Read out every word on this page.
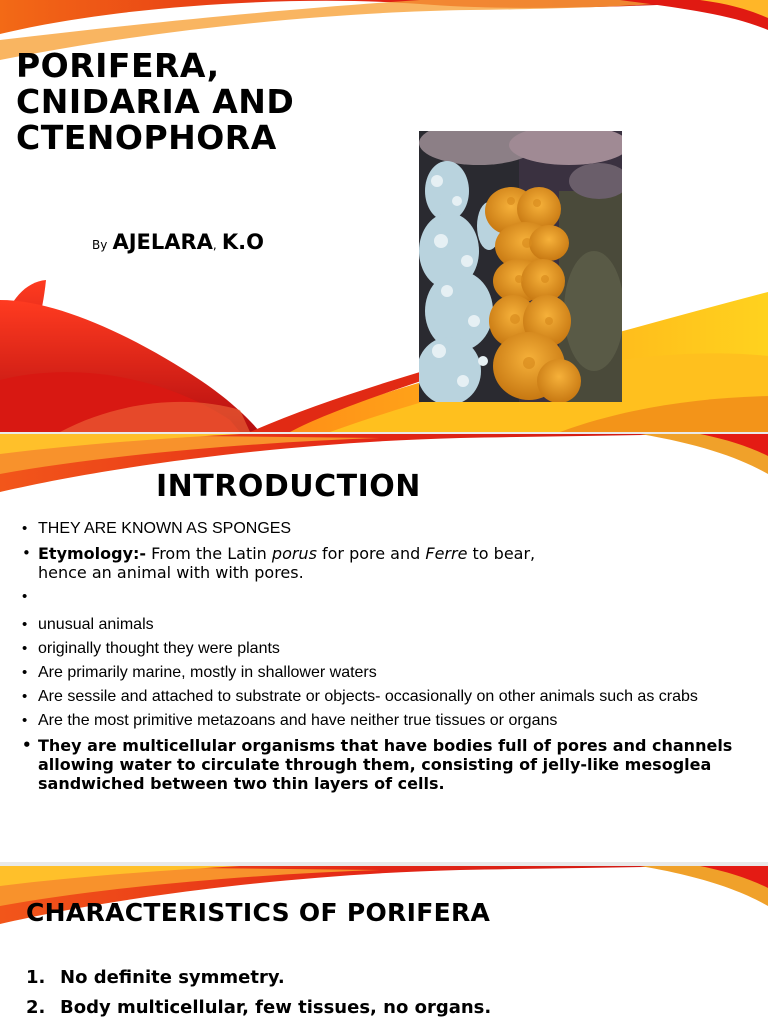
PORIFERA,
CNIDARIA AND
CTENOPHORA
By AJELARA, K.O
INTRODUCTION
• THEY ARE KNOWN AS SPONGES
• Etymology:- From the Latin porus for pore and Ferre to bear,
hence an animal with with pores.
•
• unusual animals
• originally thought they were plants
• Are primarily marine, mostly in shallower waters
• Are sessile and attached to substrate or objects- occasionally on other animals such as crabs
• Are the most primitive metazoans and have neither true tissues or organs
• They are multicellular organisms that have bodies full of pores and channels allowing water to circulate through them, consisting of jelly-like mesoglea sandwiched between two thin layers of cells.
CHARACTERISTICS OF PORIFERA
1. No definite symmetry.
2. Body multicellular, few tissues, no organs.
